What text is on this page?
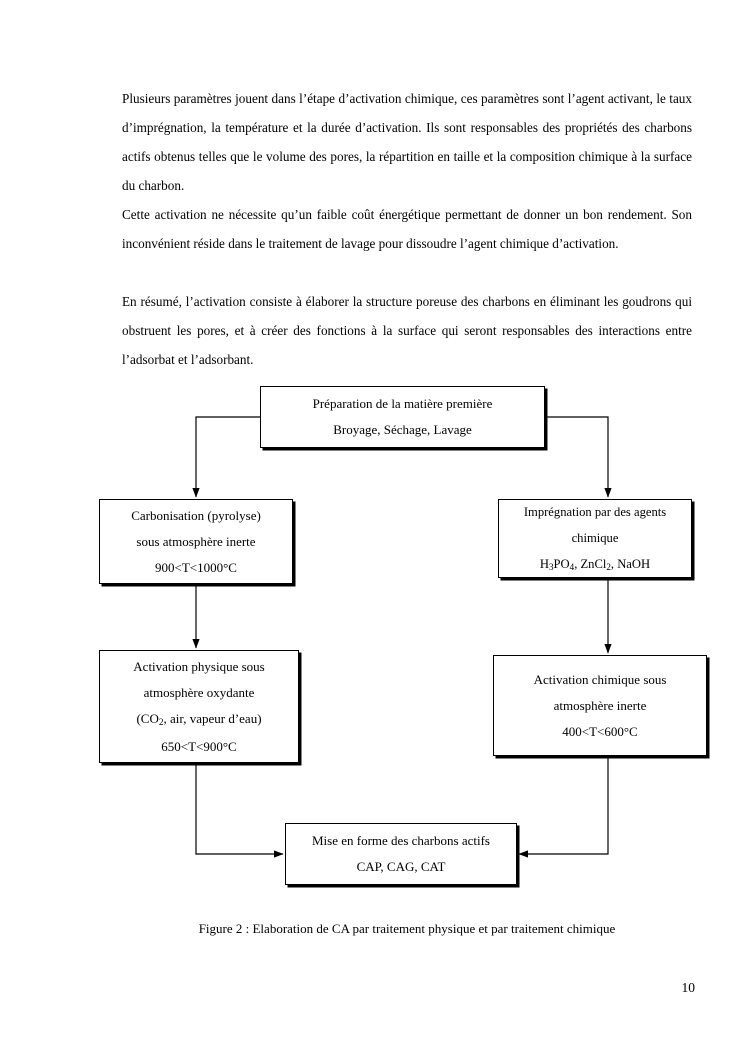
Plusieurs paramètres jouent dans l’étape d’activation chimique, ces paramètres sont l’agent activant, le taux d’imprégnation, la température et la durée d’activation. Ils sont responsables des propriétés des charbons actifs obtenus telles que le volume des pores, la répartition en taille et la composition chimique à la surface du charbon.
Cette activation ne nécessite qu’un faible coût énergétique permettant de donner un bon rendement. Son inconvénient réside dans le traitement de lavage pour dissoudre l’agent chimique d’activation.
En résumé, l’activation consiste à élaborer la structure poreuse des charbons en éliminant les goudrons qui obstruent les pores, et à créer des fonctions à la surface qui seront responsables des interactions entre l’adsorbat et l’adsorbant.
Préparation de la matière première
Broyage, Séchage, Lavage
Carbonisation (pyrolyse)
sous atmosphère inerte
900<T<1000°C
Imprégnation par des agents
chimique
$H_3PO_4$, ZnCl$_2$, NaOH
Activation physique sous
atmosphère oxydante
($CO_2$, air, vapeur d’eau)
650<T<900°C
Activation chimique sous
atmosphère inerte
400<T<600°C
Mise en forme des charbons actifs
CAP, CAG, CAT
Figure 2 : Elaboration de CA par traitement physique et par traitement chimique
10
